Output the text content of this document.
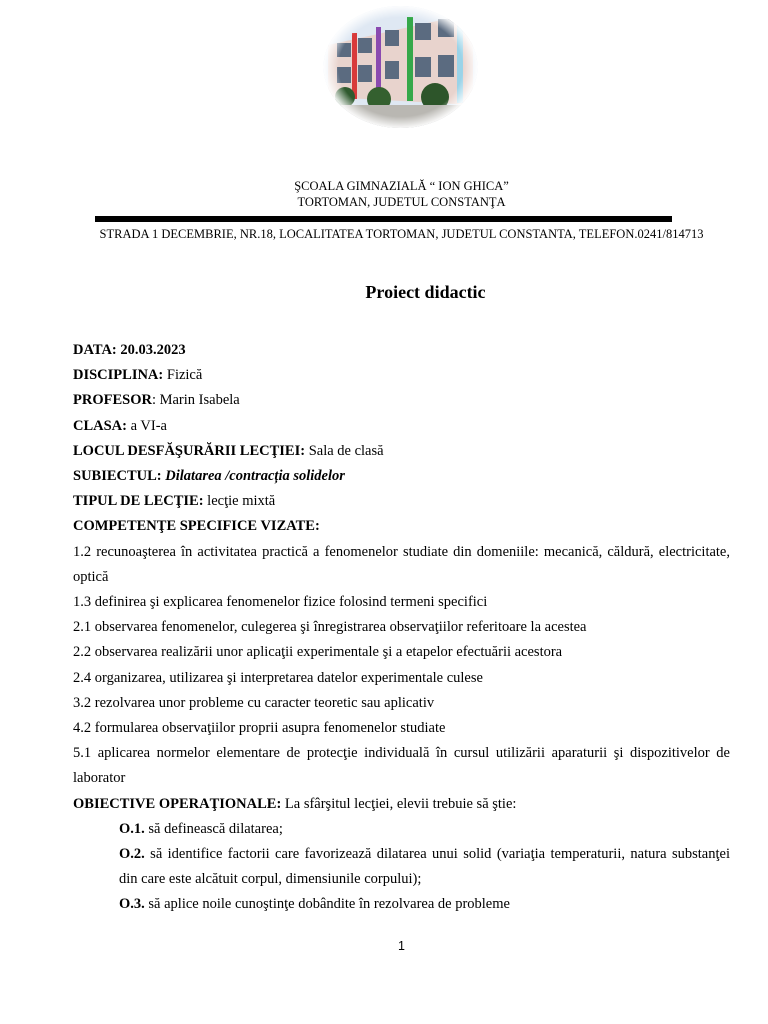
ŞCOALA GIMNAZIALĂ “ ION GHICA”
TORTOMAN, JUDETUL CONSTANŢA
STRADA 1 DECEMBRIE, NR.18, LOCALITATEA TORTOMAN, JUDETUL CONSTANTA, TELEFON.0241/814713
Proiect didactic

DATA: 20.03.2023

DISCIPLINA: Fizică

PROFESOR: Marin Isabela

CLASA: a VI-a

LOCUL DESFĂŞURĂRII LECŢIEI: Sala de clasă

SUBIECTUL: Dilatarea /contracția solidelor

TIPUL DE LECŢIE: lecţie mixtă

COMPETENŢE SPECIFICE VIZATE:

1.2 recunoaşterea în activitatea practică a fenomenelor studiate din domeniile: mecanică, căldură, electricitate, optică

1.3 definirea şi explicarea fenomenelor fizice folosind termeni specifici

2.1 observarea fenomenelor, culegerea şi înregistrarea observaţiilor referitoare la acestea

2.2 observarea realizării unor aplicaţii experimentale şi a etapelor efectuării acestora

2.4 organizarea, utilizarea şi interpretarea datelor experimentale culese

3.2 rezolvarea unor probleme cu caracter teoretic sau aplicativ

4.2 formularea observaţiilor proprii asupra fenomenelor studiate

5.1 aplicarea normelor elementare de protecţie individuală în cursul utilizării aparaturii şi dispozitivelor de laborator

OBIECTIVE OPERAŢIONALE: La sfârşitul lecţiei, elevii trebuie să ştie:

O.1. să definească dilatarea;

O.2. să identifice factorii care favorizează dilatarea unui solid (variaţia temperaturii, natura substanţei din care este alcătuit corpul, dimensiunile corpului);

O.3. să aplice noile cunoştinţe dobândite în rezolvarea de probleme

1
